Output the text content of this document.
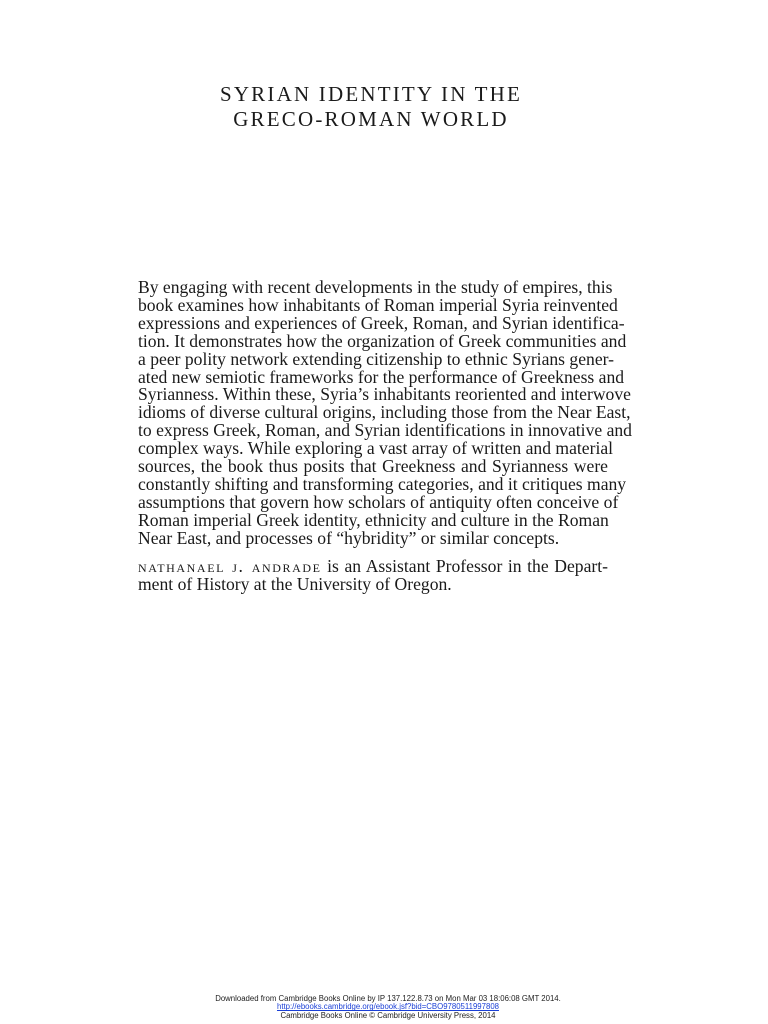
SYRIAN IDENTITY IN THE
GRECO-ROMAN WORLD
By engaging with recent developments in the study of empires, this
book examines how inhabitants of Roman imperial Syria reinvented
expressions and experiences of Greek, Roman, and Syrian identifica-
tion. It demonstrates how the organization of Greek communities and
a peer polity network extending citizenship to ethnic Syrians gener-
ated new semiotic frameworks for the performance of Greekness and
Syrianness. Within these, Syria’s inhabitants reoriented and interwove
idioms of diverse cultural origins, including those from the Near East,
to express Greek, Roman, and Syrian identifications in innovative and
complex ways. While exploring a vast array of written and material
sources, the book thus posits that Greekness and Syrianness were
constantly shifting and transforming categories, and it critiques many
assumptions that govern how scholars of antiquity often conceive of
Roman imperial Greek identity, ethnicity and culture in the Roman
Near East, and processes of “hybridity” or similar concepts.
nathanael j. andrade is an Assistant Professor in the Depart-
ment of History at the University of Oregon.
Downloaded from Cambridge Books Online by IP 137.122.8.73 on Mon Mar 03 18:06:08 GMT 2014.
http://ebooks.cambridge.org/ebook.jsf?bid=CBO9780511997808
Cambridge Books Online © Cambridge University Press, 2014
